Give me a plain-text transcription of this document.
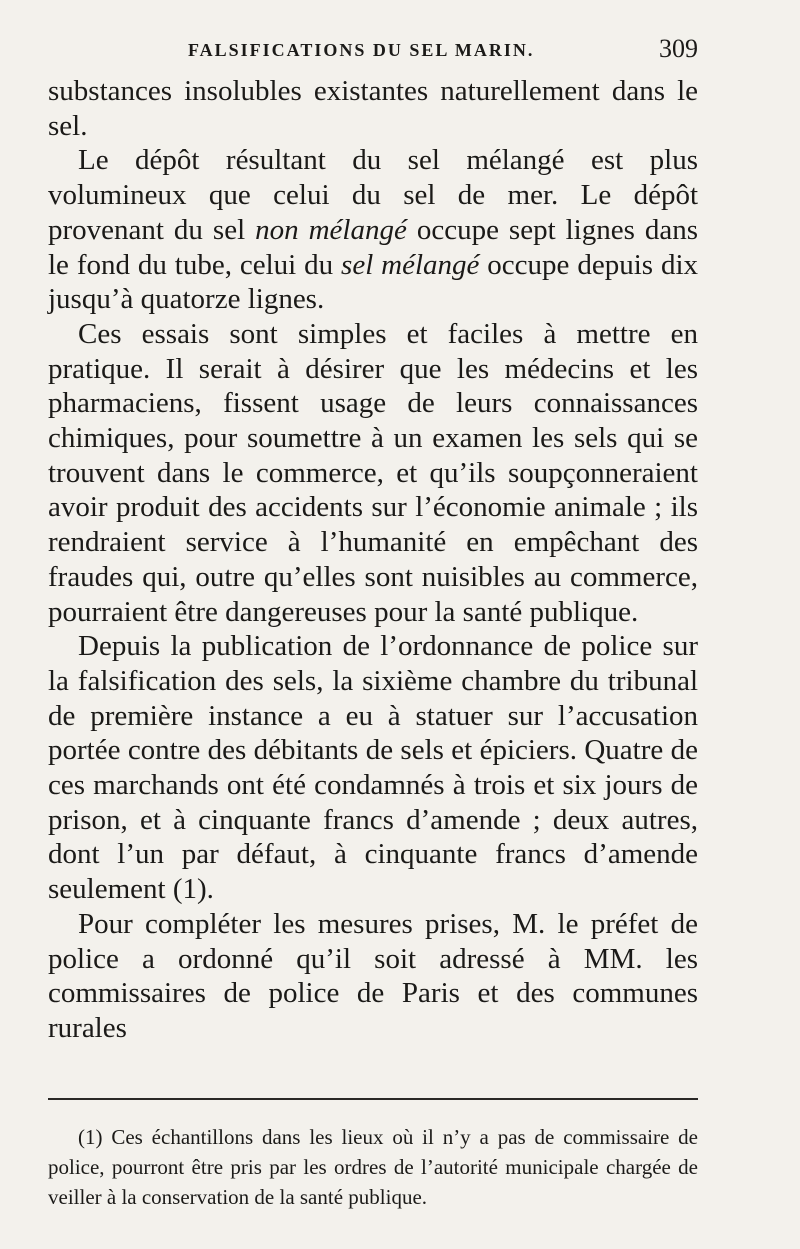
FALSIFICATIONS DU SEL MARIN.	309

substances insolubles existantes naturellement dans le sel.

Le dépôt résultant du sel mélangé est plus volumineux que celui du sel de mer. Le dépôt provenant du sel non mélangé occupe sept lignes dans le fond du tube, celui du sel mélangé occupe depuis dix jusqu’à quatorze lignes.

Ces essais sont simples et faciles à mettre en pratique. Il serait à désirer que les médecins et les pharmaciens, fissent usage de leurs connaissances chimiques, pour soumettre à un examen les sels qui se trouvent dans le commerce, et qu’ils soupçonneraient avoir produit des accidents sur l’économie animale ; ils rendraient service à l’humanité en empêchant des fraudes qui, outre qu’elles sont nuisibles au commerce, pourraient être dangereuses pour la santé publique.

Depuis la publication de l’ordonnance de police sur la falsification des sels, la sixième chambre du tribunal de première instance a eu à statuer sur l’accusation portée contre des débitants de sels et épiciers. Quatre de ces marchands ont été condamnés à trois et six jours de prison, et à cinquante francs d’amende ; deux autres, dont l’un par défaut, à cinquante francs d’amende seulement (1).

Pour compléter les mesures prises, M. le préfet de police a ordonné qu’il soit adressé à MM. les commissaires de police de Paris et des communes rurales

(1) Ces échantillons dans les lieux où il n’y a pas de commissaire de police, pourront être pris par les ordres de l’autorité municipale chargée de veiller à la conservation de la santé publique.
